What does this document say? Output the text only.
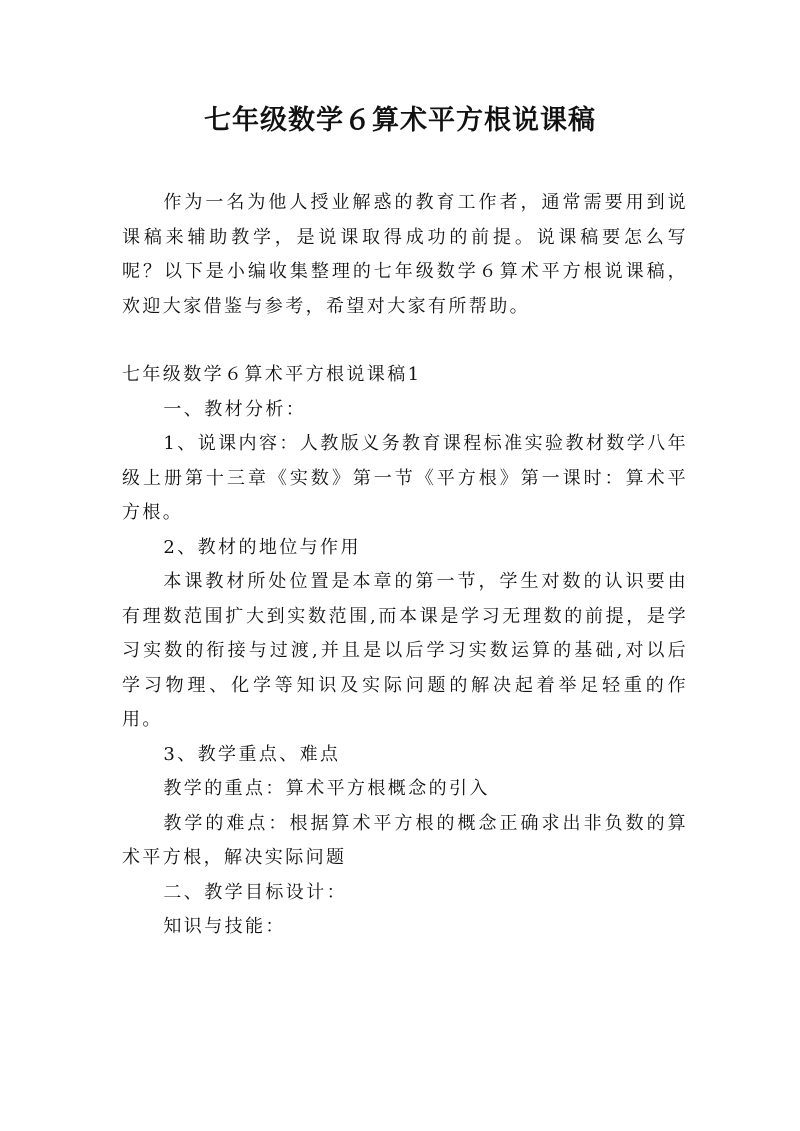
七年级数学６算术平方根说课稿

作为一名为他人授业解惑的教育工作者，通常需要用到说课稿来辅助教学，是说课取得成功的前提。说课稿要怎么写呢？以下是小编收集整理的七年级数学６算术平方根说课稿，欢迎大家借鉴与参考，希望对大家有所帮助。

七年级数学６算术平方根说课稿1

一、教材分析：

1、说课内容：人教版义务教育课程标准实验教材数学八年级上册第十三章《实数》第一节《平方根》第一课时：算术平方根。

2、教材的地位与作用

本课教材所处位置是本章的第一节，学生对数的认识要由有理数范围扩大到实数范围,而本课是学习无理数的前提，是学习实数的衔接与过渡,并且是以后学习实数运算的基础,对以后学习物理、化学等知识及实际问题的解决起着举足轻重的作用。

3、教学重点、难点

教学的重点：算术平方根概念的引入

教学的难点：根据算术平方根的概念正确求出非负数的算术平方根，解决实际问题

二、教学目标设计：

知识与技能：
